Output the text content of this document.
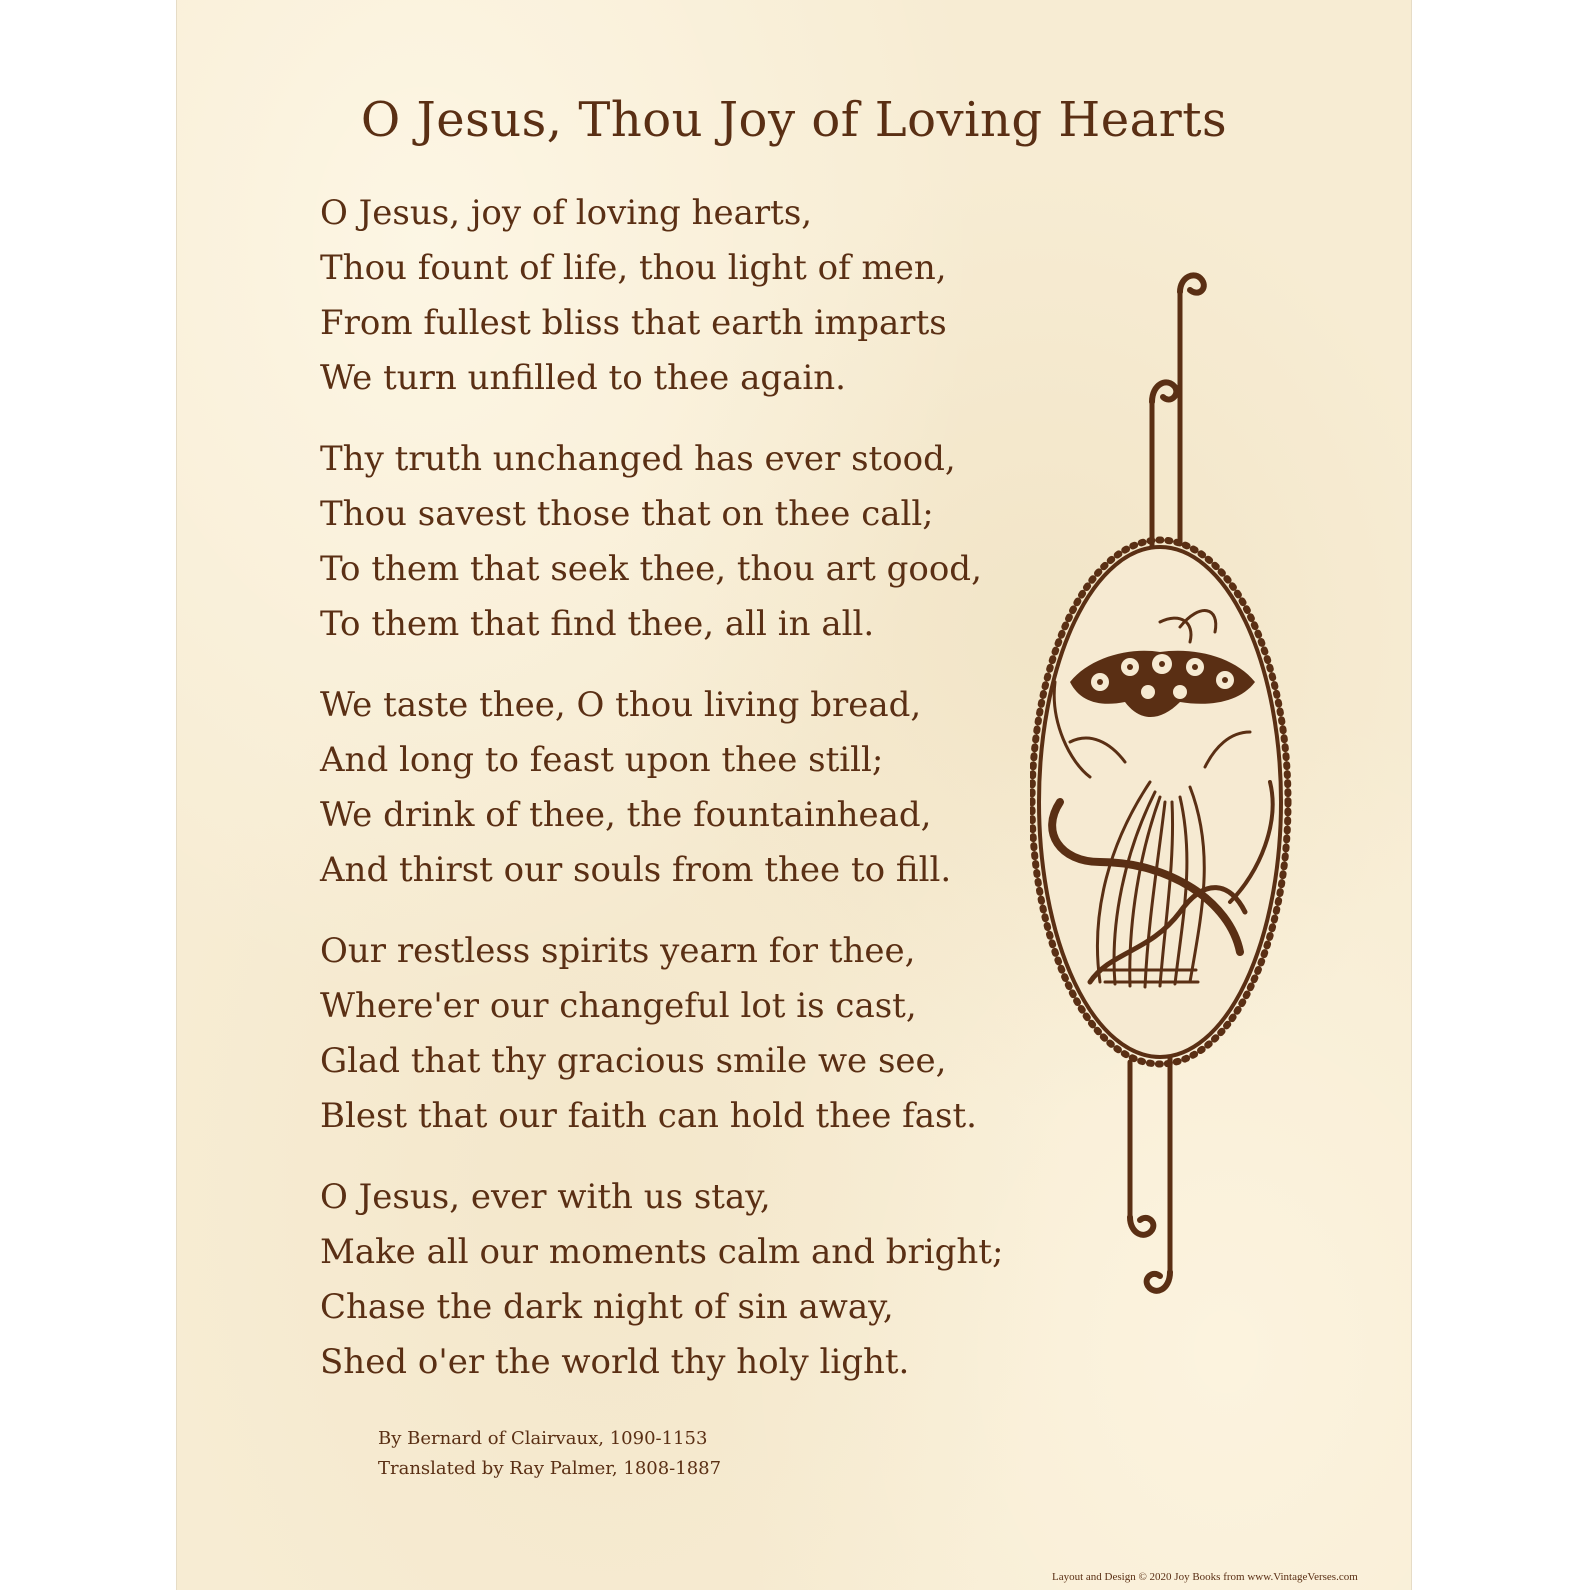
O Jesus, Thou Joy of Loving Hearts
O Jesus, joy of loving hearts,
Thou fount of life, thou light of men,
From fullest bliss that earth imparts
We turn unfilled to thee again.
Thy truth unchanged has ever stood,
Thou savest those that on thee call;
To them that seek thee, thou art good,
To them that find thee, all in all.
We taste thee, O thou living bread,
And long to feast upon thee still;
We drink of thee, the fountainhead,
And thirst our souls from thee to fill.
Our restless spirits yearn for thee,
Where'er our changeful lot is cast,
Glad that thy gracious smile we see,
Blest that our faith can hold thee fast.
O Jesus, ever with us stay,
Make all our moments calm and bright;
Chase the dark night of sin away,
Shed o'er the world thy holy light.
By Bernard of Clairvaux, 1090-1153
Translated by Ray Palmer, 1808-1887
Layout and Design © 2020 Joy Books from www.VintageVerses.com
